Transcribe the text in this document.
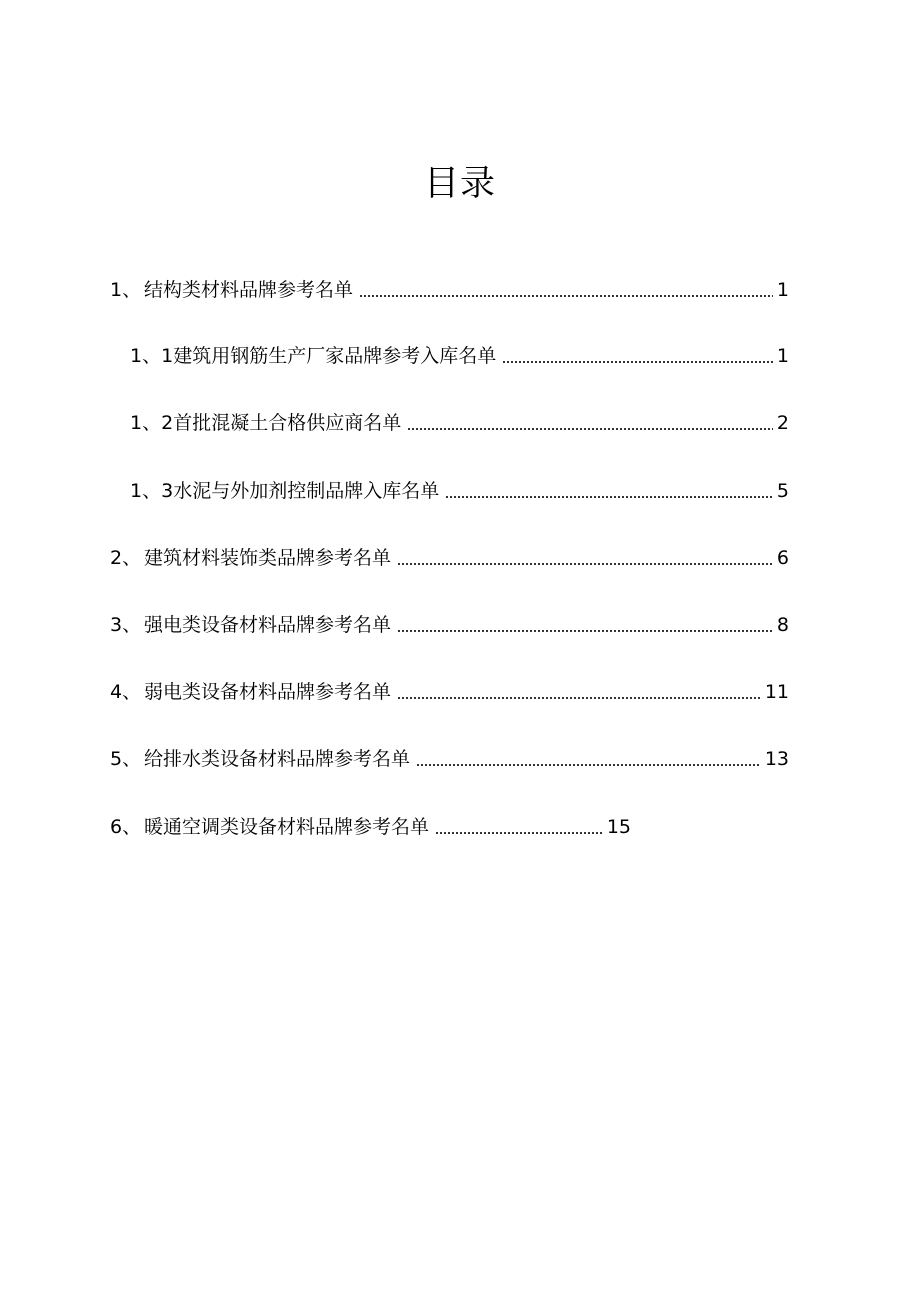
目录
1、 结构类材料品牌参考名单	1
1、1 建筑用钢筋生产厂家品牌参考入库名单	1
1、2 首批混凝土合格供应商名单	2
1、3 水泥与外加剂控制品牌入库名单	5
2、 建筑材料装饰类品牌参考名单	6
3、 强电类设备材料品牌参考名单	8
4、 弱电类设备材料品牌参考名单	11
5、 给排水类设备材料品牌参考名单	13
6、 暖通空调类设备材料品牌参考名单	15
